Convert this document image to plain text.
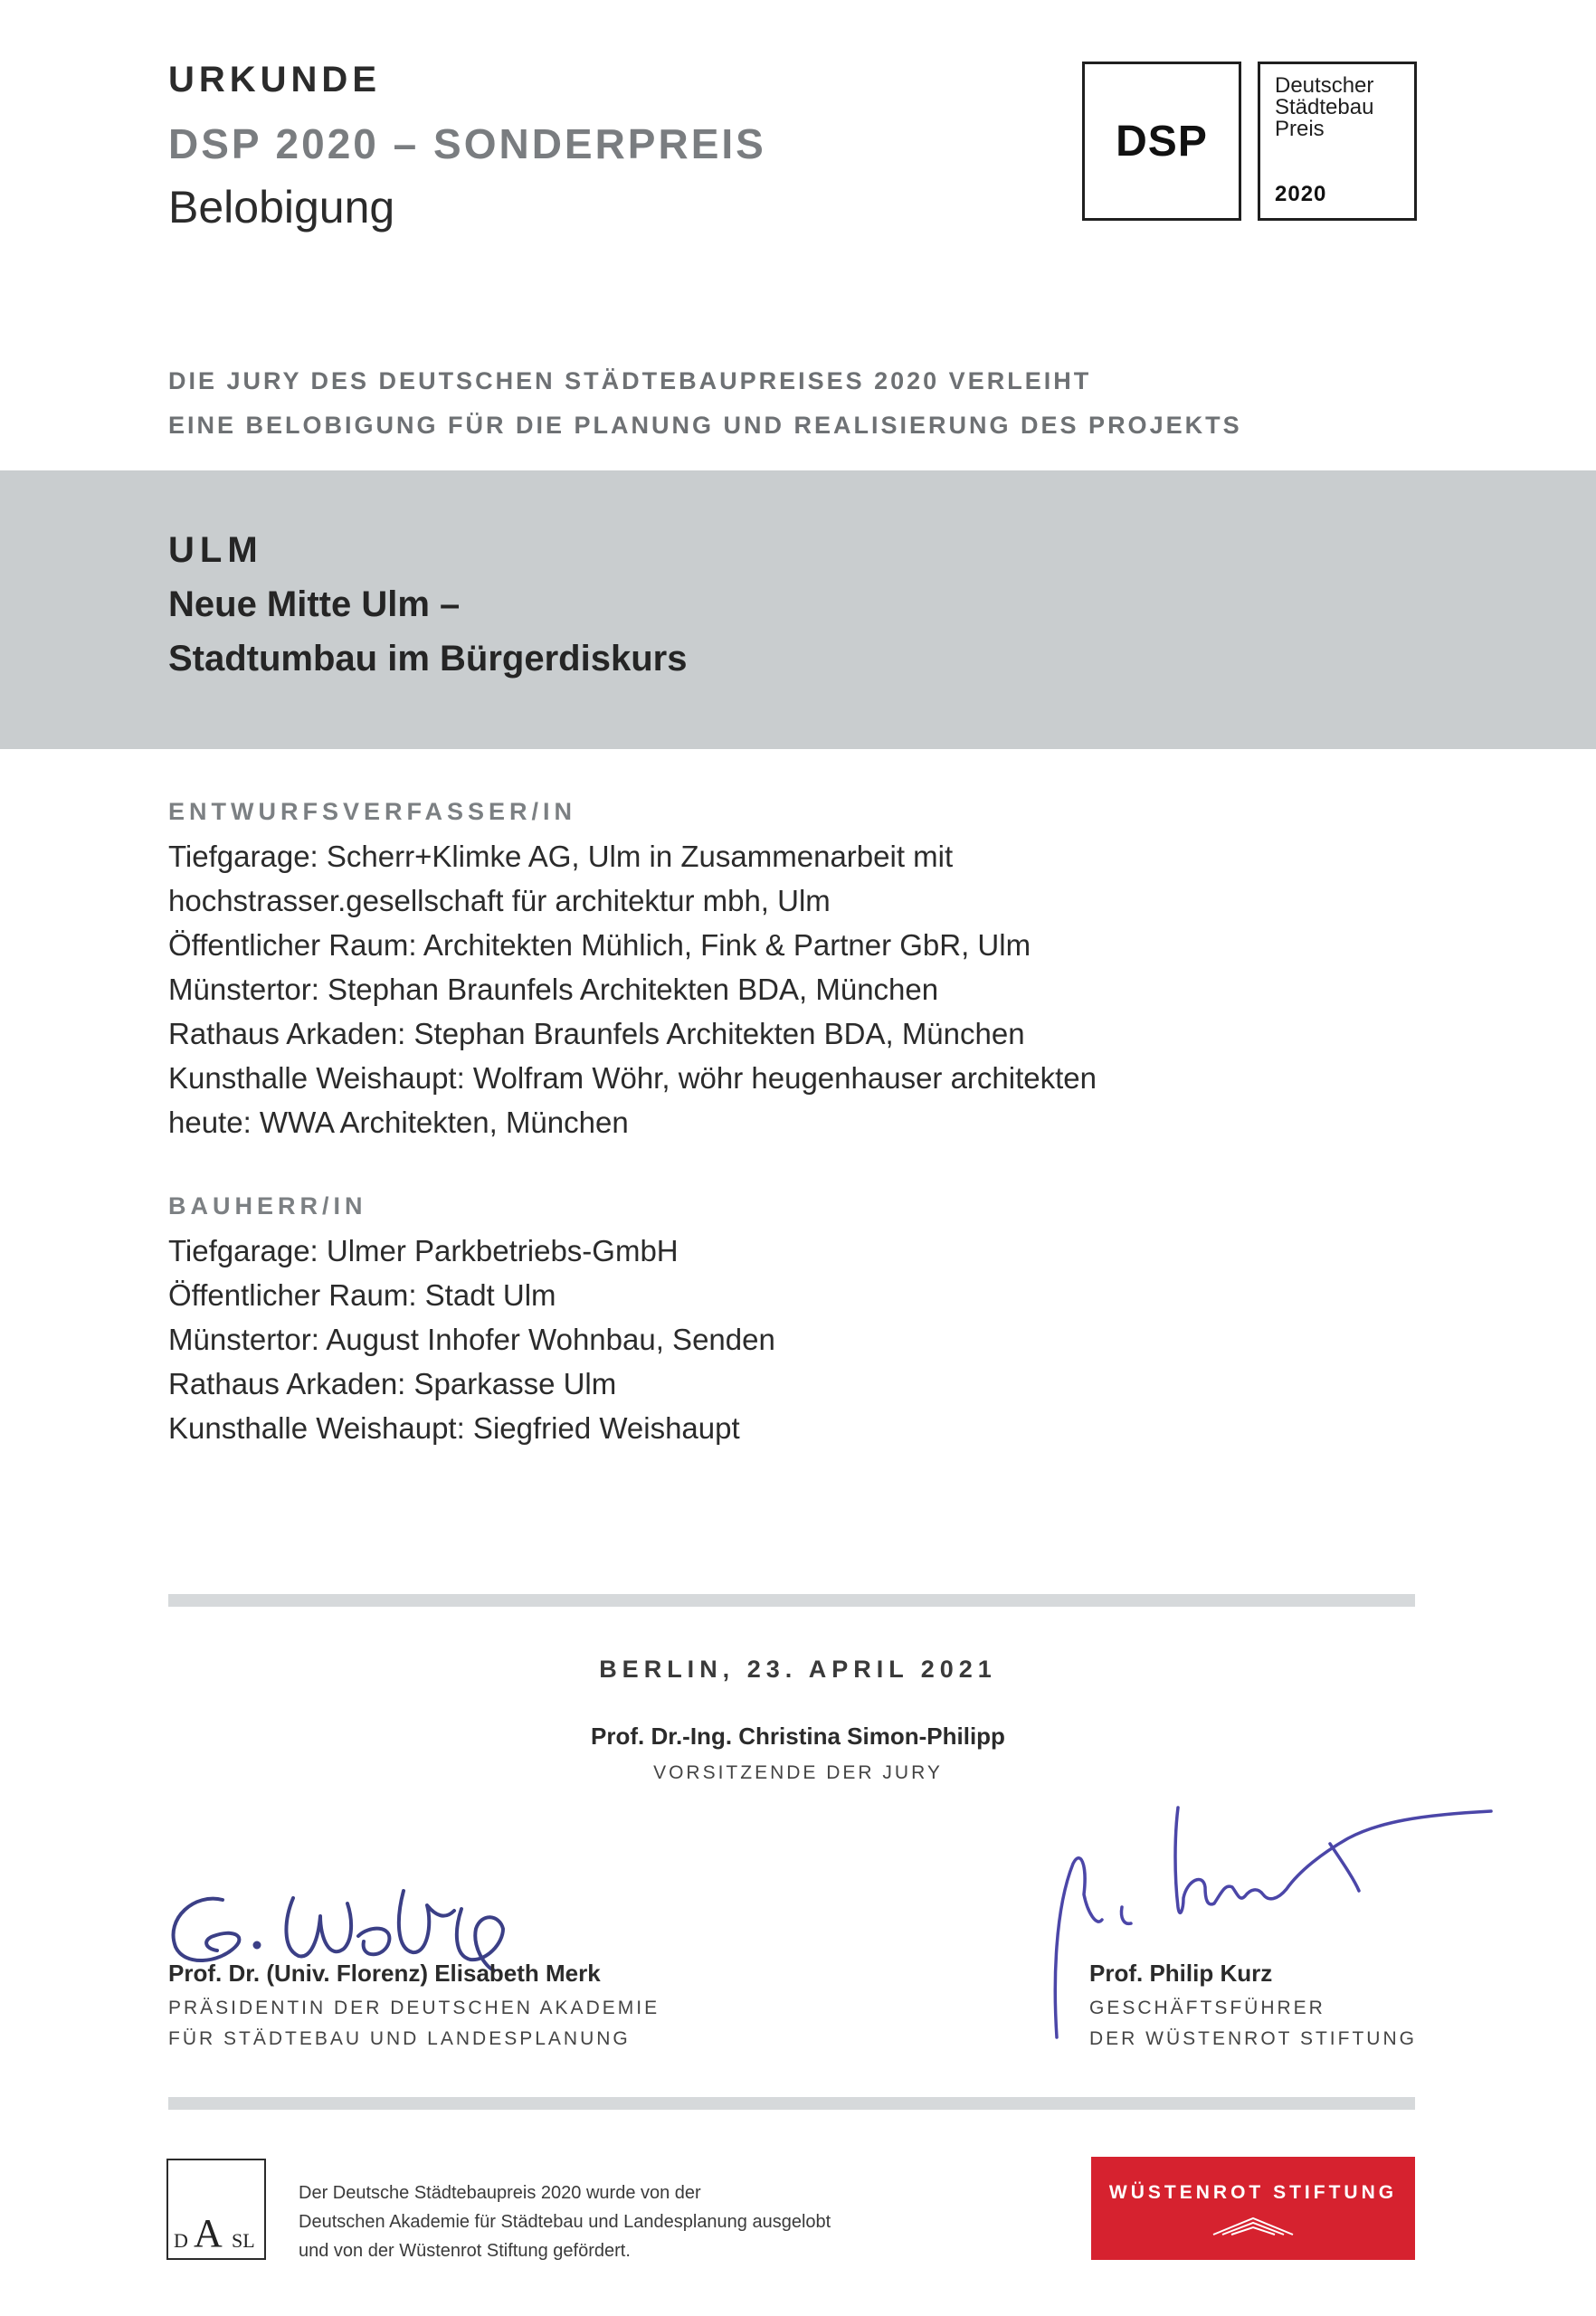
URKUNDE
DSP 2020 – SONDERPREIS
Belobigung
DSP
Deutscher
Städtebau
Preis
2020
DIE JURY DES DEUTSCHEN STÄDTEBAUPREISES 2020 VERLEIHT
EINE BELOBIGUNG FÜR DIE PLANUNG UND REALISIERUNG DES PROJEKTS
ULM
Neue Mitte Ulm –
Stadtumbau im Bürgerdiskurs
ENTWURFSVERFASSER/IN
Tiefgarage: Scherr+Klimke AG, Ulm in Zusammenarbeit mit
hochstrasser.gesellschaft für architektur mbh, Ulm
Öffentlicher Raum: Architekten Mühlich, Fink & Partner GbR, Ulm
Münstertor: Stephan Braunfels Architekten BDA, München
Rathaus Arkaden: Stephan Braunfels Architekten BDA, München
Kunsthalle Weishaupt: Wolfram Wöhr, wöhr heugenhauser architekten
heute: WWA Architekten, München
BAUHERR/IN
Tiefgarage: Ulmer Parkbetriebs-GmbH
Öffentlicher Raum: Stadt Ulm
Münstertor: August Inhofer Wohnbau, Senden
Rathaus Arkaden: Sparkasse Ulm
Kunsthalle Weishaupt: Siegfried Weishaupt
BERLIN, 23. APRIL 2021
Prof. Dr.-Ing. Christina Simon-Philipp
VORSITZENDE DER JURY
Prof. Dr. (Univ. Florenz) Elisabeth Merk
PRÄSIDENTIN DER DEUTSCHEN AKADEMIE
FÜR STÄDTEBAU UND LANDESPLANUNG
Prof. Philip Kurz
GESCHÄFTSFÜHRER
DER WÜSTENROT STIFTUNG
D A SL
Der Deutsche Städtebaupreis 2020 wurde von der
Deutschen Akademie für Städtebau und Landesplanung ausgelobt
und von der Wüstenrot Stiftung gefördert.
WÜSTENROT STIFTUNG
